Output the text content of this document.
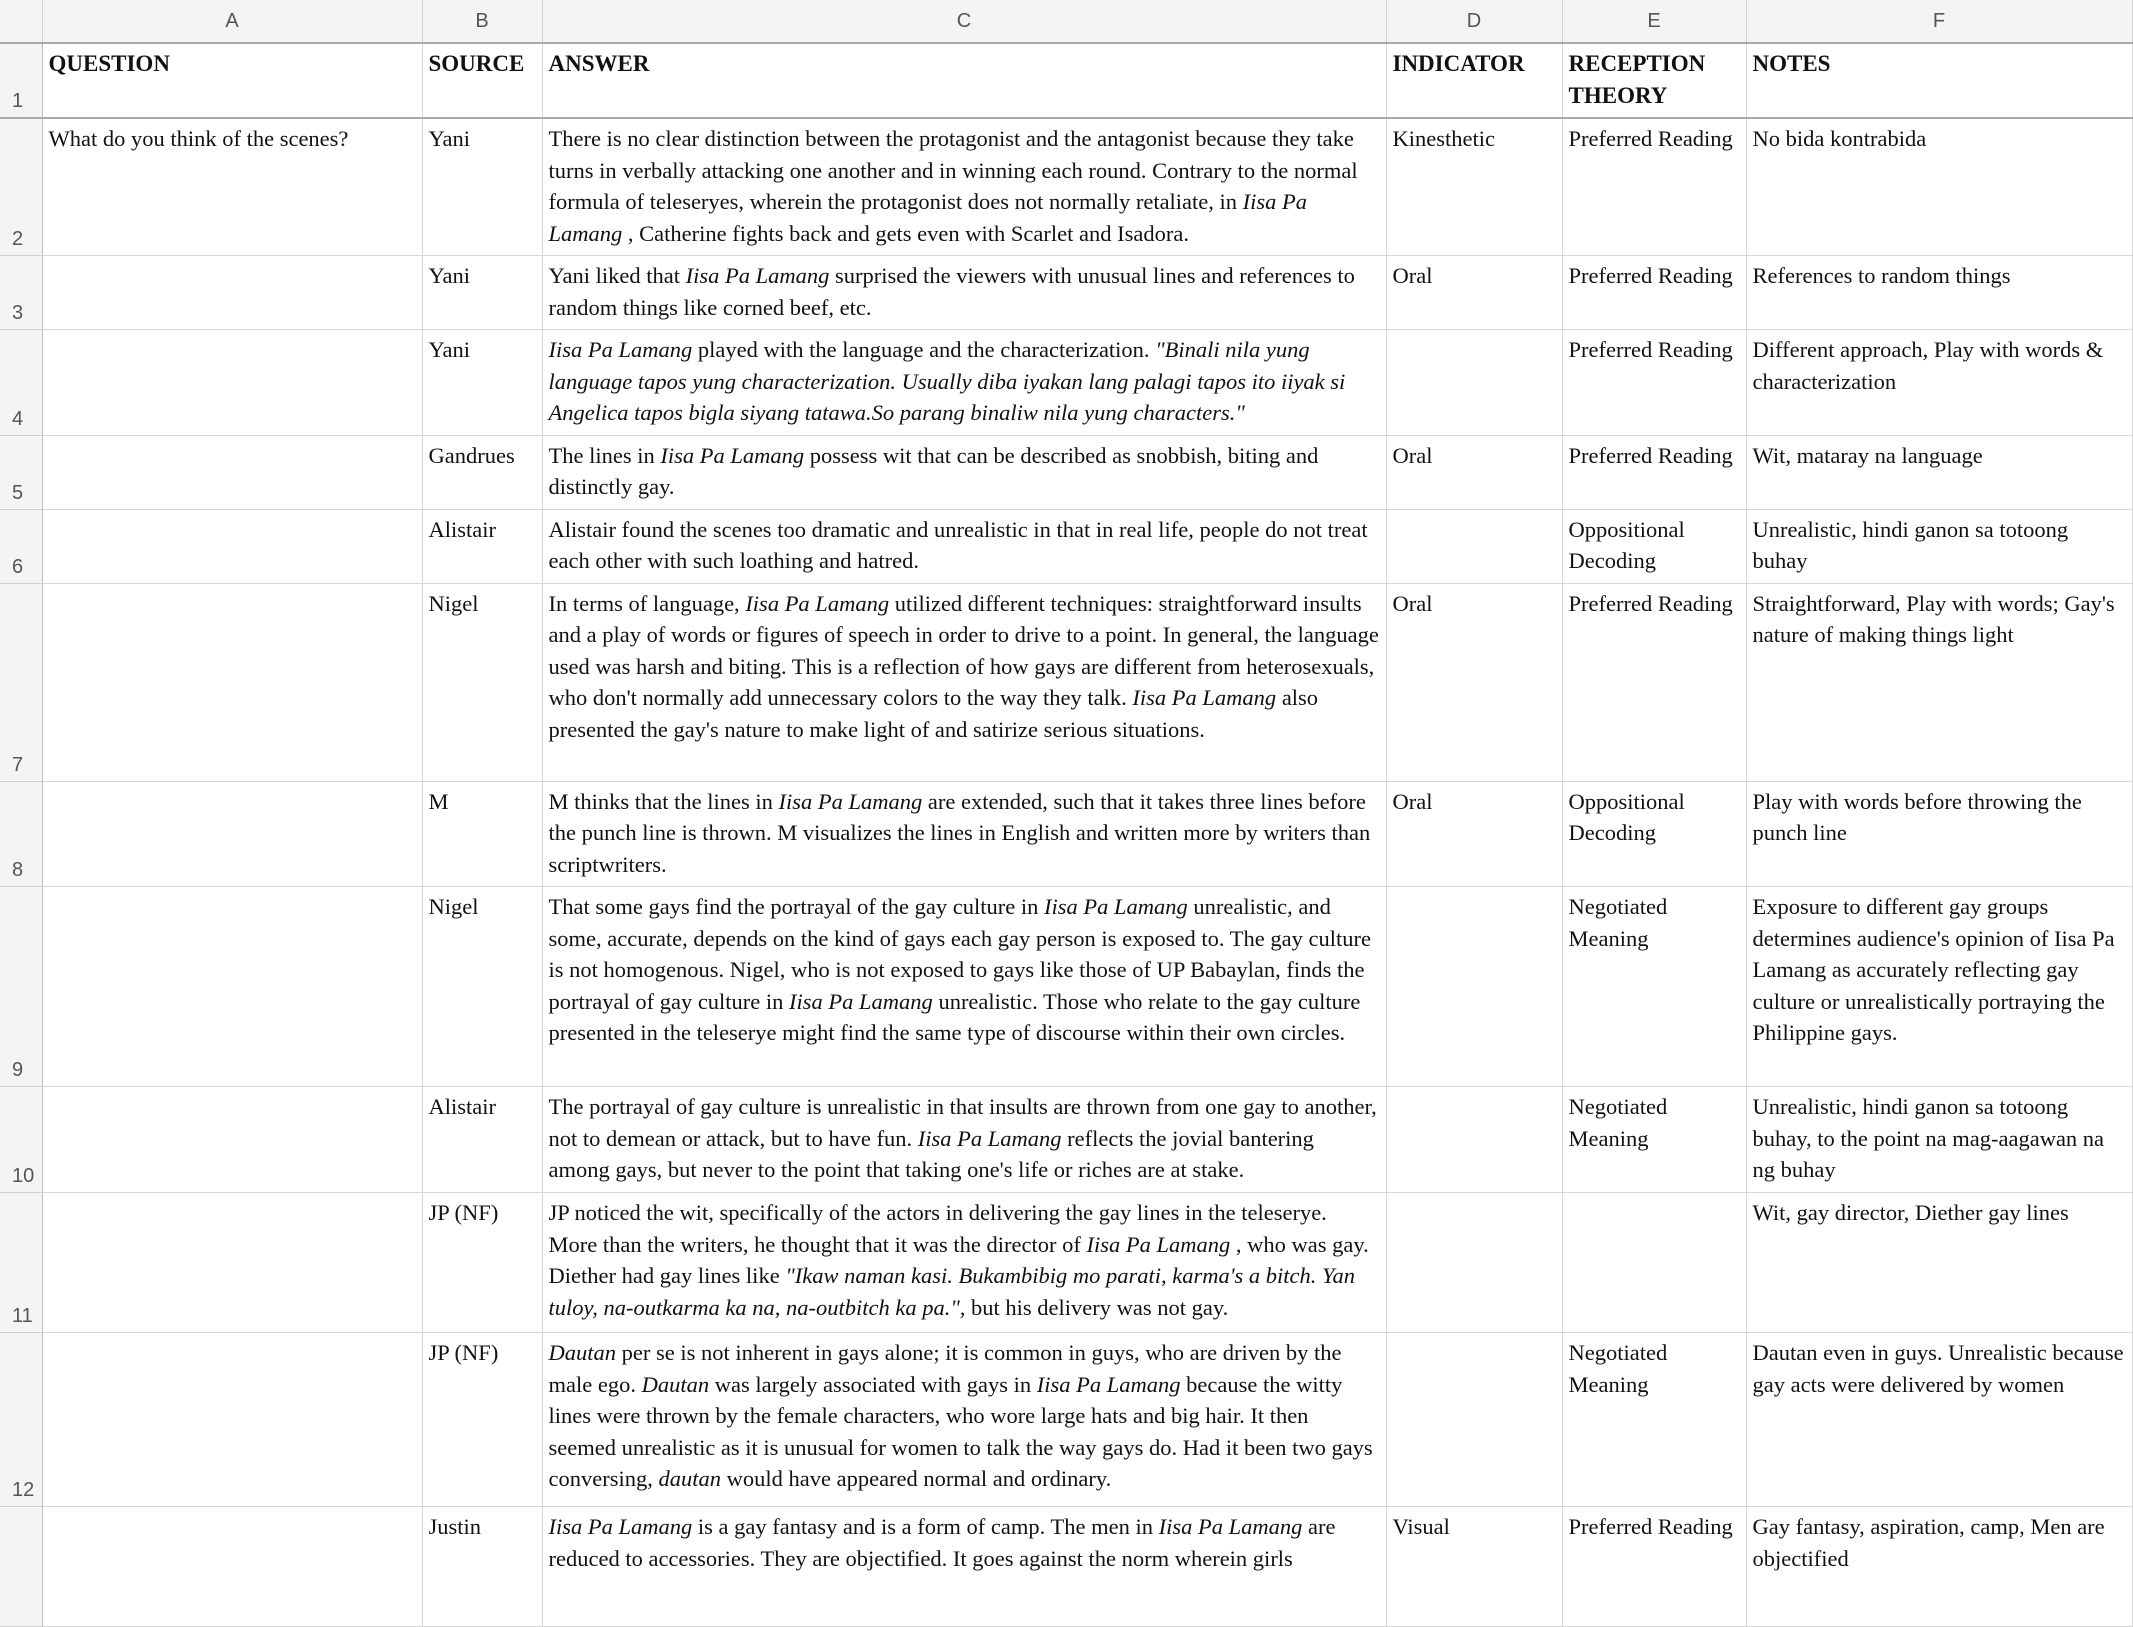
	A	B	C	D	E	F
1	QUESTION	SOURCE	ANSWER	INDICATOR	RECEPTION THEORY	NOTES
2	What do you think of the scenes?	Yani	There is no clear distinction between the protagonist and the antagonist because they take turns in verbally attacking one another and in winning each round. Contrary to the normal formula of teleseryes, wherein the protagonist does not normally retaliate, in Iisa Pa Lamang , Catherine fights back and gets even with Scarlet and Isadora.	Kinesthetic	Preferred Reading	No bida kontrabida
3		Yani	Yani liked that Iisa Pa Lamang surprised the viewers with unusual lines and references to random things like corned beef, etc.	Oral	Preferred Reading	References to random things
4		Yani	Iisa Pa Lamang played with the language and the characterization. "Binali nila yung language tapos yung characterization. Usually diba iyakan lang palagi tapos ito iiyak si Angelica tapos bigla siyang tatawa.So parang binaliw nila yung characters."		Preferred Reading	Different approach, Play with words & characterization
5		Gandrues	The lines in Iisa Pa Lamang possess wit that can be described as snobbish, biting and distinctly gay.	Oral	Preferred Reading	Wit, mataray na language
6		Alistair	Alistair found the scenes too dramatic and unrealistic in that in real life, people do not treat each other with such loathing and hatred.		Oppositional Decoding	Unrealistic, hindi ganon sa totoong buhay
7		Nigel	In terms of language, Iisa Pa Lamang utilized different techniques: straightforward insults and a play of words or figures of speech in order to drive to a point. In general, the language used was harsh and biting. This is a reflection of how gays are different from heterosexuals, who don't normally add unnecessary colors to the way they talk. Iisa Pa Lamang also presented the gay's nature to make light of and satirize serious situations.	Oral	Preferred Reading	Straightforward, Play with words; Gay's nature of making things light
8		M	M thinks that the lines in Iisa Pa Lamang are extended, such that it takes three lines before the punch line is thrown. M visualizes the lines in English and written more by writers than scriptwriters.	Oral	Oppositional Decoding	Play with words before throwing the punch line
9		Nigel	That some gays find the portrayal of the gay culture in Iisa Pa Lamang unrealistic, and some, accurate, depends on the kind of gays each gay person is exposed to. The gay culture is not homogenous. Nigel, who is not exposed to gays like those of UP Babaylan, finds the portrayal of gay culture in Iisa Pa Lamang unrealistic. Those who relate to the gay culture presented in the teleserye might find the same type of discourse within their own circles.		Negotiated Meaning	Exposure to different gay groups determines audience's opinion of Iisa Pa Lamang as accurately reflecting gay culture or unrealistically portraying the Philippine gays.
10		Alistair	The portrayal of gay culture is unrealistic in that insults are thrown from one gay to another, not to demean or attack, but to have fun. Iisa Pa Lamang reflects the jovial bantering among gays, but never to the point that taking one's life or riches are at stake.		Negotiated Meaning	Unrealistic, hindi ganon sa totoong buhay, to the point na mag-aagawan na ng buhay
11		JP (NF)	JP noticed the wit, specifically of the actors in delivering the gay lines in the teleserye. More than the writers, he thought that it was the director of Iisa Pa Lamang , who was gay. Diether had gay lines like "Ikaw naman kasi. Bukambibig mo parati, karma's a bitch. Yan tuloy, na-outkarma ka na, na-outbitch ka pa.", but his delivery was not gay.			Wit, gay director, Diether gay lines
12		JP (NF)	Dautan per se is not inherent in gays alone; it is common in guys, who are driven by the male ego. Dautan was largely associated with gays in Iisa Pa Lamang because the witty lines were thrown by the female characters, who wore large hats and big hair. It then seemed unrealistic as it is unusual for women to talk the way gays do. Had it been two gays conversing, dautan would have appeared normal and ordinary.		Negotiated Meaning	Dautan even in guys. Unrealistic because gay acts were delivered by women
		Justin	Iisa Pa Lamang is a gay fantasy and is a form of camp. The men in Iisa Pa Lamang are reduced to accessories. They are objectified. It goes against the norm wherein girls	Visual	Preferred Reading	Gay fantasy, aspiration, camp, Men are objectified
